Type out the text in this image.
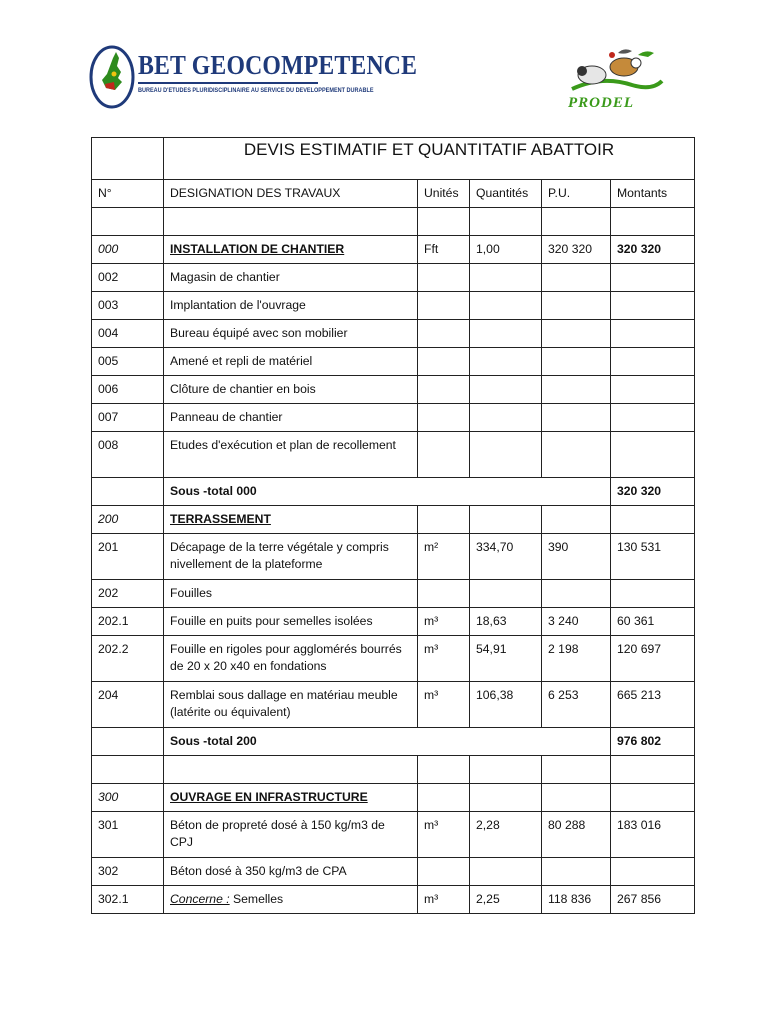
BET GEOCOMPETENCE
BUREAU D'ETUDES PLURIDISCIPLINAIRE AU SERVICE DU DEVELOPPEMENT DURABLE
PRODEL
	DEVIS ESTIMATIF ET QUANTITATIF ABATTOIR				
N°	DESIGNATION DES TRAVAUX	Unités	Quantités	P.U.	Montants

000	INSTALLATION DE CHANTIER	Fft	1,00	320 320	320 320
002	Magasin de chantier				
003	Implantation de l'ouvrage				
004	Bureau équipé avec son mobilier				
005	Amené et repli de matériel				
006	Clôture de chantier en bois				
007	Panneau de chantier				
008	Etudes d'exécution et plan de recollement				
	Sous -total 000				320 320
200	TERRASSEMENT				
201	Décapage de la terre végétale y compris nivellement de la plateforme	m²	334,70	390	130 531
202	Fouilles				
202.1	Fouille en puits pour semelles isolées	m³	18,63	3 240	60 361
202.2	Fouille en rigoles pour agglomérés bourrés de 20 x 20 x40 en fondations	m³	54,91	2 198	120 697
204	Remblai sous dallage en matériau meuble (latérite ou équivalent)	m³	106,38	6 253	665 213
	Sous -total 200				976 802

300	OUVRAGE EN INFRASTRUCTURE				
301	Béton de propreté dosé à 150 kg/m3 de CPJ	m³	2,28	80 288	183 016
302	Béton dosé à 350 kg/m3 de CPA				
302.1	Concerne : Semelles	m³	2,25	118 836	267 856
